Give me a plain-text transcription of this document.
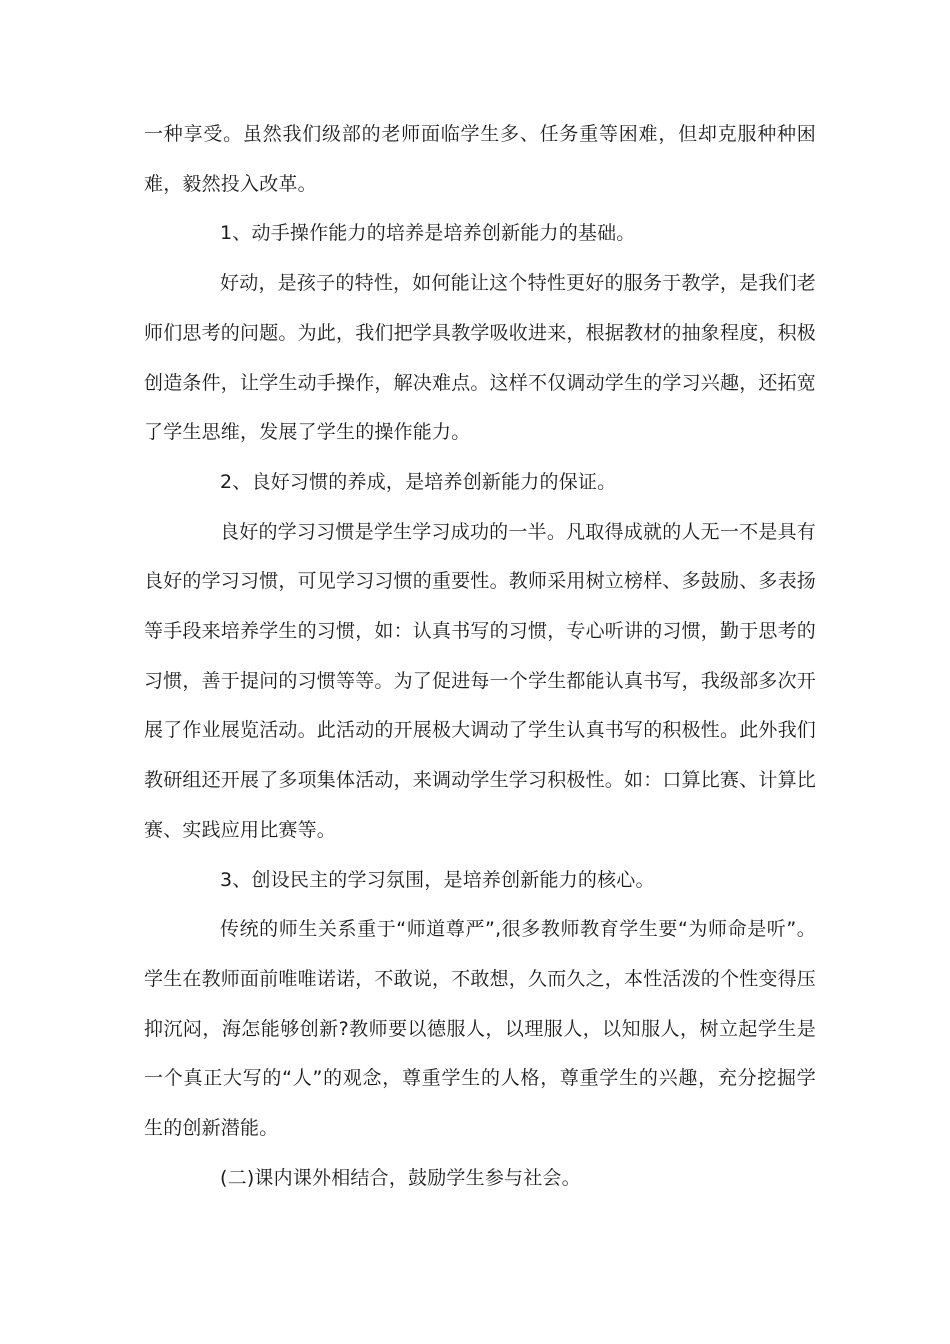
一种享受。虽然我们级部的老师面临学生多、任务重等困难，但却克服种种困难，毅然投入改革。

1、动手操作能力的培养是培养创新能力的基础。

好动，是孩子的特性，如何能让这个特性更好的服务于教学，是我们老师们思考的问题。为此，我们把学具教学吸收进来，根据教材的抽象程度，积极创造条件，让学生动手操作，解决难点。这样不仅调动学生的学习兴趣，还拓宽了学生思维，发展了学生的操作能力。

2、良好习惯的养成，是培养创新能力的保证。

良好的学习习惯是学生学习成功的一半。凡取得成就的人无一不是具有良好的学习习惯，可见学习习惯的重要性。教师采用树立榜样、多鼓励、多表扬等手段来培养学生的习惯，如：认真书写的习惯，专心听讲的习惯，勤于思考的习惯，善于提问的习惯等等。为了促进每一个学生都能认真书写，我级部多次开展了作业展览活动。此活动的开展极大调动了学生认真书写的积极性。此外我们教研组还开展了多项集体活动，来调动学生学习积极性。如：口算比赛、计算比赛、实践应用比赛等。

3、创设民主的学习氛围，是培养创新能力的核心。

传统的师生关系重于“师道尊严”,很多教师教育学生要“为师命是听”。学生在教师面前唯唯诺诺，不敢说，不敢想，久而久之，本性活泼的个性变得压抑沉闷，海怎能够创新?教师要以德服人，以理服人，以知服人，树立起学生是一个真正大写的“人”的观念，尊重学生的人格，尊重学生的兴趣，充分挖掘学生的创新潜能。

(二)课内课外相结合，鼓励学生参与社会。
